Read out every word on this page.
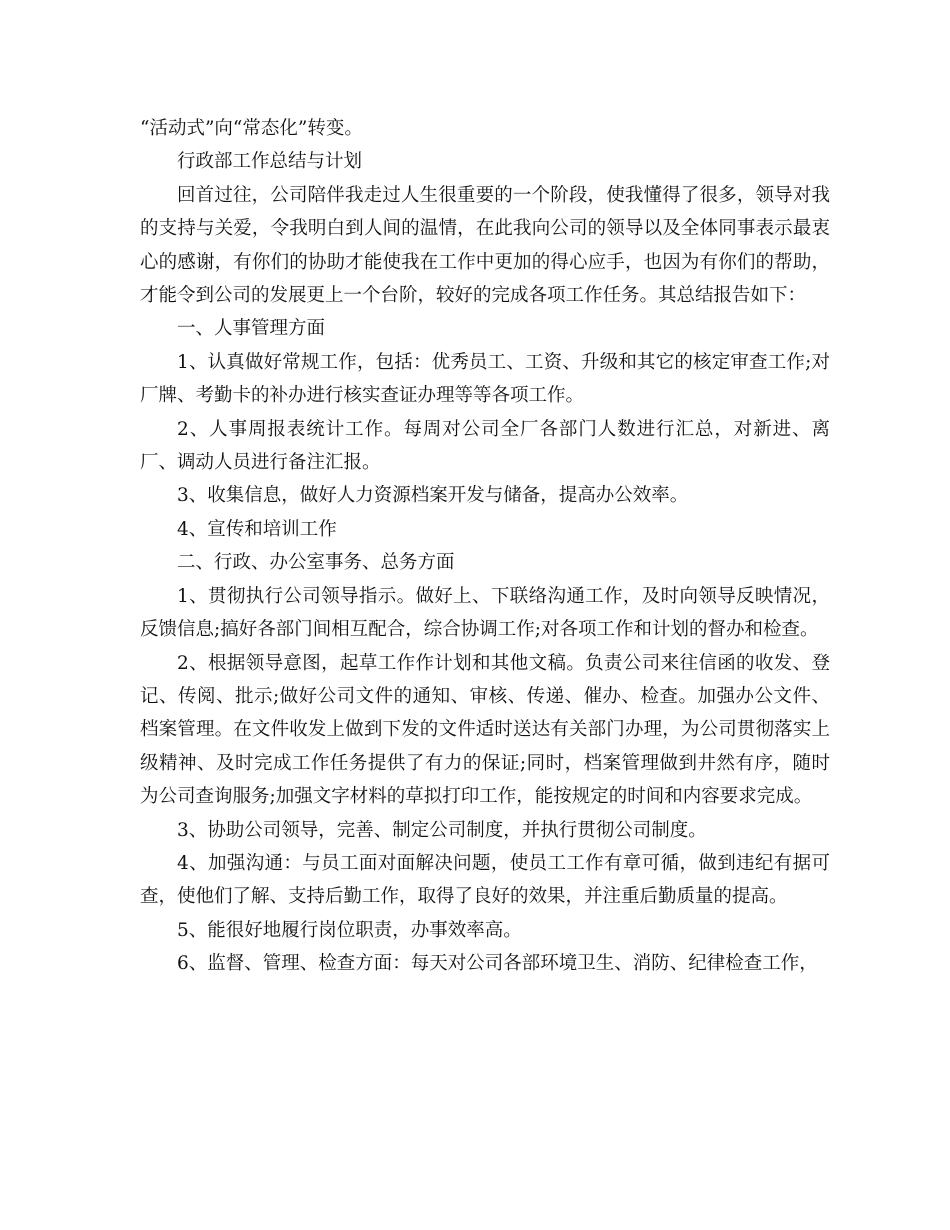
“活动式”向“常态化”转变。

行政部工作总结与计划

回首过往，公司陪伴我走过人生很重要的一个阶段，使我懂得了很多，领导对我的支持与关爱，令我明白到人间的温情，在此我向公司的领导以及全体同事表示最衷心的感谢，有你们的协助才能使我在工作中更加的得心应手，也因为有你们的帮助，才能令到公司的发展更上一个台阶，较好的完成各项工作任务。其总结报告如下：

一、人事管理方面

1、认真做好常规工作，包括：优秀员工、工资、升级和其它的核定审查工作;对厂牌、考勤卡的补办进行核实查证办理等等各项工作。

2、人事周报表统计工作。每周对公司全厂各部门人数进行汇总，对新进、离厂、调动人员进行备注汇报。

3、收集信息，做好人力资源档案开发与储备，提高办公效率。

4、宣传和培训工作

二、行政、办公室事务、总务方面

1、贯彻执行公司领导指示。做好上、下联络沟通工作，及时向领导反映情况，反馈信息;搞好各部门间相互配合，综合协调工作;对各项工作和计划的督办和检查。

2、根据领导意图，起草工作作计划和其他文稿。负责公司来往信函的收发、登记、传阅、批示;做好公司文件的通知、审核、传递、催办、检查。加强办公文件、档案管理。在文件收发上做到下发的文件适时送达有关部门办理，为公司贯彻落实上级精神、及时完成工作任务提供了有力的保证;同时，档案管理做到井然有序，随时为公司查询服务;加强文字材料的草拟打印工作，能按规定的时间和内容要求完成。

3、协助公司领导，完善、制定公司制度，并执行贯彻公司制度。

4、加强沟通：与员工面对面解决问题，使员工工作有章可循，做到违纪有据可查，使他们了解、支持后勤工作，取得了良好的效果，并注重后勤质量的提高。

5、能很好地履行岗位职责，办事效率高。

6、监督、管理、检查方面：每天对公司各部环境卫生、消防、纪律检查工作，
